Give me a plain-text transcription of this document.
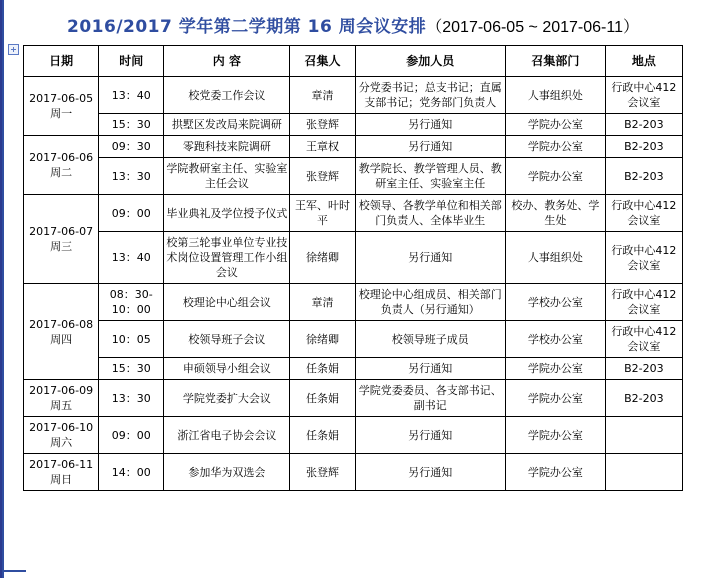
2016/2017 学年第二学期第 16 周会议安排（2017-06-05 ~ 2017-06-11）
日期	时间	内 容	召集人	参加人员	召集部门	地点
2017-06-05
周一	13：40	校党委工作会议	章清	分党委书记；总支书记；直属支部书记；党务部门负责人	人事组织处	行政中心412 会议室
	15：30	拱墅区发改局来院调研	张登辉	另行通知	学院办公室	B2-203
2017-06-06
周二	09：30	零跑科技来院调研	王章权	另行通知	学院办公室	B2-203
	13：30	学院教研室主任、实验室主任会议	张登辉	教学院长、教学管理人员、教研室主任、实验室主任	学院办公室	B2-203
2017-06-07
周三	09：00	毕业典礼及学位授予仪式	王军、叶时平	校领导、各教学单位和相关部门负责人、全体毕业生	校办、教务处、学生处	行政中心412 会议室
	13：40	校第三轮事业单位专业技术岗位设置管理工作小组会议	徐绪卿	另行通知	人事组织处	行政中心412 会议室
2017-06-08
周四	08：30-10：00	校理论中心组会议	章清	校理论中心组成员、相关部门负责人（另行通知）	学校办公室	行政中心412 会议室
	10：05	校领导班子会议	徐绪卿	校领导班子成员	学校办公室	行政中心412 会议室
	15：30	申硕领导小组会议	任条娟	另行通知	学院办公室	B2-203
2017-06-09
周五	13：30	学院党委扩大会议	任条娟	学院党委委员、各支部书记、副书记	学院办公室	B2-203
2017-06-10
周六	09：00	浙江省电子协会会议	任条娟	另行通知	学院办公室	
2017-06-11
周日	14：00	参加华为双选会	张登辉	另行通知	学院办公室	
